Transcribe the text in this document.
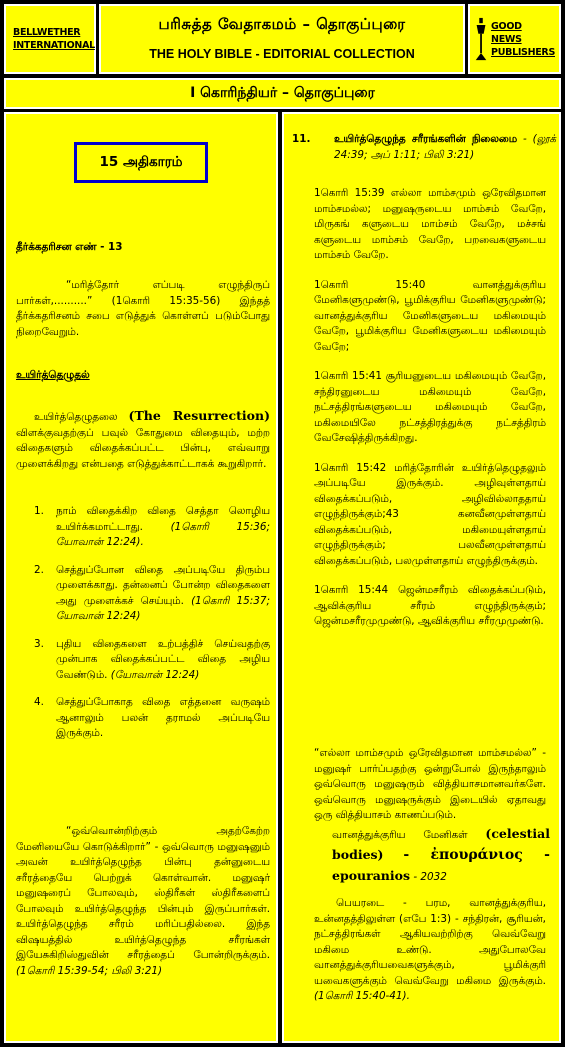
BELLWETHER
INTERNATIONAL
பரிசுத்த வேதாகமம் – தொகுப்புரை
THE HOLY BIBLE - EDITORIAL COLLECTION
GOOD NEWS
PUBLISHERS
I கொரிந்தியர் – தொகுப்புரை
15 அதிகாரம்
தீர்க்கதரிசன எண் - 13
“மரித்தோர் எப்படி எழுந்திருப் பார்கள்,..........” (1கொரி 15:35-56) இந்தத் தீர்க்கதரிசனம் சபை எடுத்துக் கொள்ளப் படும்போது நிறைவேறும்.
உயிர்த்தெழுதல்
உயிர்த்தெழுதலை (The Resurrection) விளக்குவதற்குப் பவுல் கோதுமை விதையும், மற்ற விதைகளும் விதைக்கப்பட்ட பின்பு, எவ்வாறு முளைக்கிறது என்பதை எடுத்துக்காட்டாகக் கூறுகிறார்.
1.	நாம் விதைக்கிற விதை செத்தா லொழிய உயிர்க்கமாட்டாது.	(1கொரி 15:36; யோவான் 12:24).
2.	செத்துப்போன விதை அப்படியே திரும்ப முளைக்காது. தன்னைப் போன்ற விதைகளை அது முளைக்கச் செய்யும். (1கொரி 15:37; யோவான் 12:24)
3.	புதிய விதைகளை உற்பத்திச் செய்வதற்கு முன்பாக விதைக்கப்பட்ட விதை அழிய வேண்டும். (யோவான் 12:24)
4.	செத்துப்போகாத விதை எத்தனை வருஷம் ஆனாலும் பலன் தராமல் அப்படியே இருக்கும்.
“ஒவ்வொன்றிற்கும் அதற்கேற்ற மேனியையே கொடுக்கிறார்” - ஒவ்வொரு மனுஷனும் அவன் உயிர்த்தெழுந்த பின்பு தன்னுடைய சரீரத்தையே பெற்றுக் கொள்வான். மனுஷர் மனுஷரைப் போலவும், ஸ்திரீகள் ஸ்திரீகளைப் போலவும் உயிர்த்தெழுந்த பின்பும் இருப்பார்கள். உயிர்த்தெழுந்த சரீரம் மரிப்பதில்லை. இந்த விஷயத்தில் உயிர்த்தெழுந்த சரீரங்கள் இயேசுகிறிஸ்துவின் சரீரத்தைப் போன்றிருக்கும். (1கொரி 15:39-54; பிலி 3:21)
11.	உயிர்த்தெழுந்த சரீரங்களின் நிலைமை - (லூக் 24:39; அப் 1:11; பிலி 3:21)
1கொரி 15:39 எல்லா மாம்சமும் ஒரேவிதமான மாம்சமல்ல; மனுஷருடைய மாம்சம் வேறே, மிருகங் களுடைய மாம்சம் வேறே, மச்சங் களுடைய மாம்சம் வேறே, பறவைகளுடைய மாம்சம் வேறே.
1கொரி 15:40 வானத்துக்குரிய மேனிகளுமுண்டு, பூமிக்குரிய மேனிகளுமுண்டு; வானத்துக்குரிய மேனிகளுடைய மகிமையும் வேறே, பூமிக்குரிய மேனிகளுடைய மகிமையும் வேறே;
1கொரி 15:41 சூரியனுடைய மகிமையும் வேறே, சந்திரனுடைய மகிமையும் வேறே, நட்சத்திரங்களுடைய மகிமையும் வேறே, மகிமையிலே நட்சத்திரத்துக்கு நட்சத்திரம் வேசேஷித்திருக்கிறது.
1கொரி 15:42 மரித்தோரின் உயிர்த்தெழுதலும் அப்படியே இருக்கும். அழிவுள்ளதாய் விதைக்கப்படும், அழிவில்லாததாய் எழுந்திருக்கும்;43 கனவீனமுள்ளதாய் விதைக்கப்படும், மகிமையுள்ளதாய் எழுந்திருக்கும்; பலவீனமுள்ளதாய் விதைக்கப்படும், பலமுள்ளதாய் எழுந்திருக்கும்.
1கொரி 15:44 ஜென்மசரீரம் விதைக்கப்படும், ஆவிக்குரிய சரீரம் எழுந்திருக்கும்; ஜென்மசரீரமுமுண்டு, ஆவிக்குரிய சரீரமுமுண்டு.
“எல்லா மாம்சமும் ஒரேவிதமான மாம்சமல்ல” - மனுஷர் பார்ப்பதற்கு ஒன்றுபோல் இருந்தாலும் ஒவ்வொரு மனுஷரும் வித்தியாசமானவர்களே. ஒவ்வொரு மனுஷருக்கும் இடையில் ஏதாவது ஒரு வித்தியாசம் காணப்படும்.
வானத்துக்குரிய மேனிகள் (celestial bodies) - ἐπουράνιος - epouranios - 2032
பெயரடை - பரம, வானத்துக்குரிய, உன்னதத்திலுள்ள (எபே 1:3) - சந்திரன், சூரியன், நட்சத்திரங்கள் ஆகியவற்றிற்கு வெவ்வேறு மகிமை உண்டு. அதுபோலவே வானத்துக்குரியவைகளுக்கும், பூமிக்குரி யவைகளுக்கும் வெவ்வேறு மகிமை இருக்கும். (1கொரி 15:40-41).
